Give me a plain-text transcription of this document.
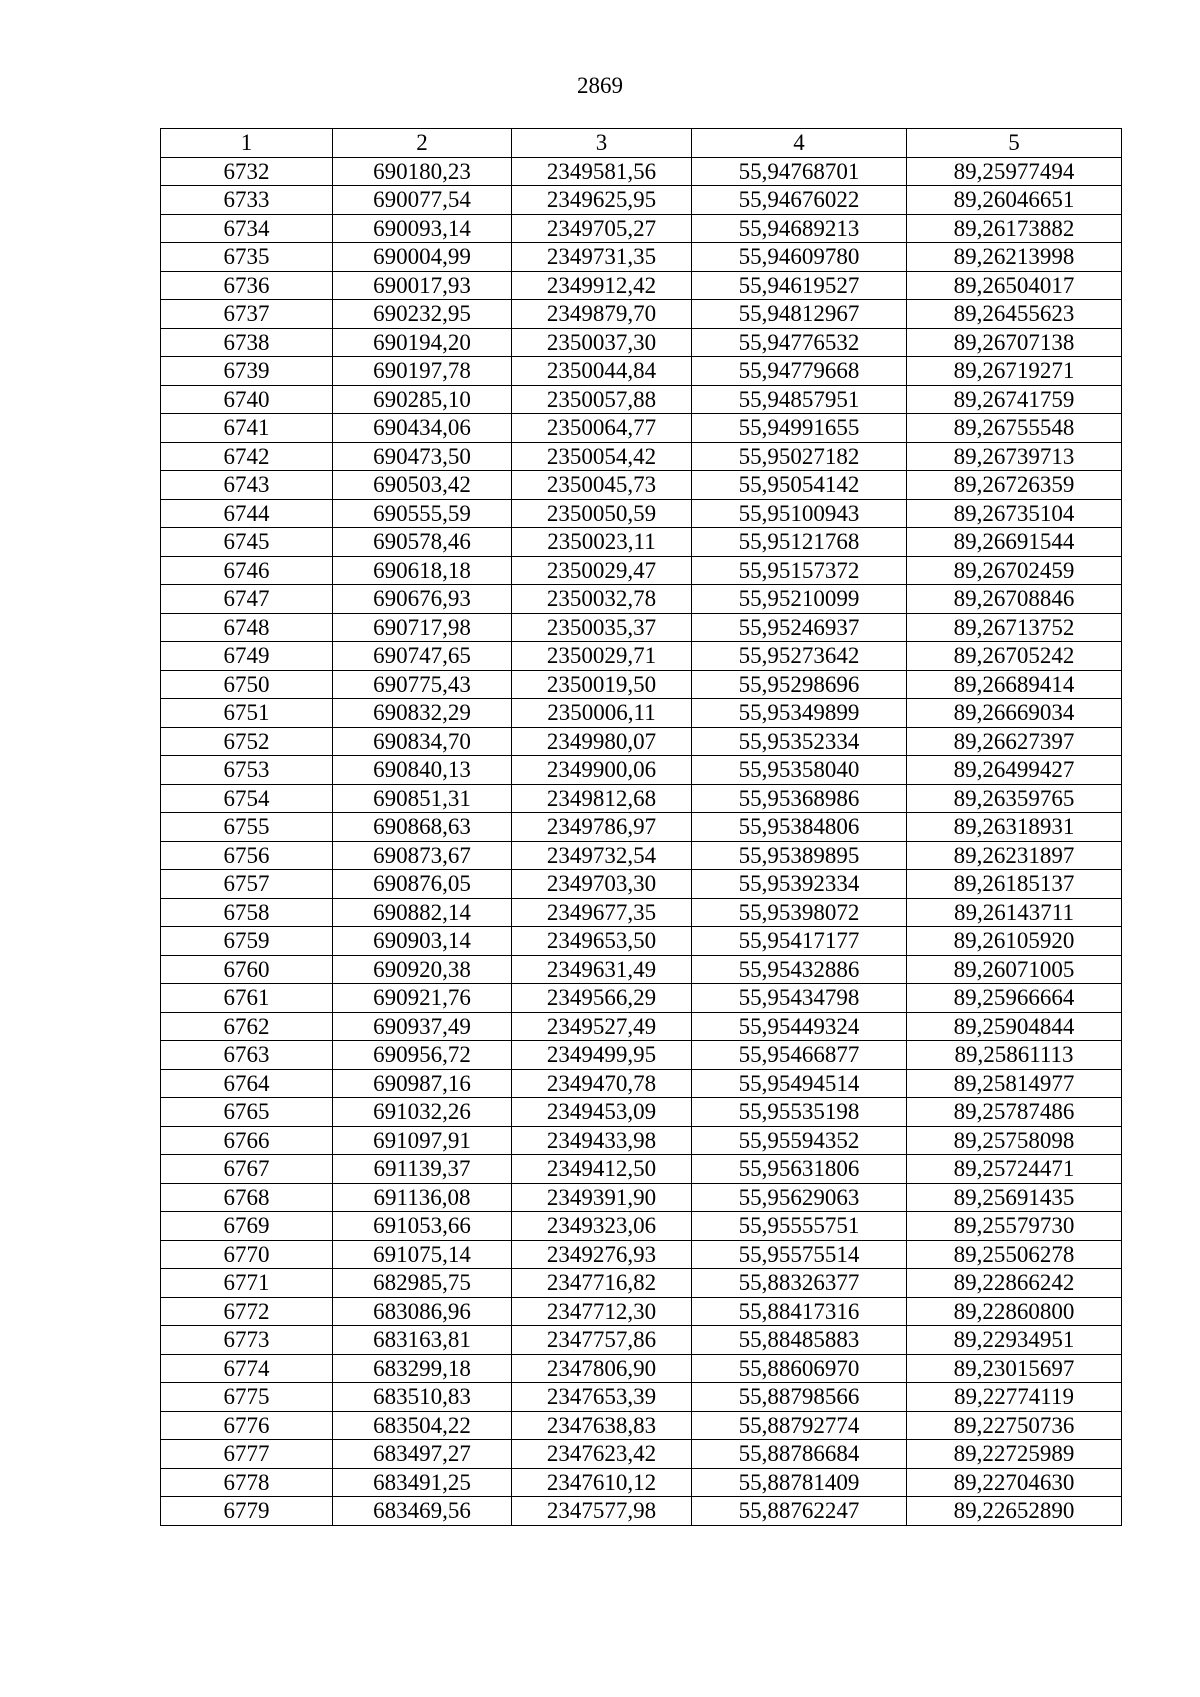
2869
1	2	3	4	5
6732	690180,23	2349581,56	55,94768701	89,25977494
6733	690077,54	2349625,95	55,94676022	89,26046651
6734	690093,14	2349705,27	55,94689213	89,26173882
6735	690004,99	2349731,35	55,94609780	89,26213998
6736	690017,93	2349912,42	55,94619527	89,26504017
6737	690232,95	2349879,70	55,94812967	89,26455623
6738	690194,20	2350037,30	55,94776532	89,26707138
6739	690197,78	2350044,84	55,94779668	89,26719271
6740	690285,10	2350057,88	55,94857951	89,26741759
6741	690434,06	2350064,77	55,94991655	89,26755548
6742	690473,50	2350054,42	55,95027182	89,26739713
6743	690503,42	2350045,73	55,95054142	89,26726359
6744	690555,59	2350050,59	55,95100943	89,26735104
6745	690578,46	2350023,11	55,95121768	89,26691544
6746	690618,18	2350029,47	55,95157372	89,26702459
6747	690676,93	2350032,78	55,95210099	89,26708846
6748	690717,98	2350035,37	55,95246937	89,26713752
6749	690747,65	2350029,71	55,95273642	89,26705242
6750	690775,43	2350019,50	55,95298696	89,26689414
6751	690832,29	2350006,11	55,95349899	89,26669034
6752	690834,70	2349980,07	55,95352334	89,26627397
6753	690840,13	2349900,06	55,95358040	89,26499427
6754	690851,31	2349812,68	55,95368986	89,26359765
6755	690868,63	2349786,97	55,95384806	89,26318931
6756	690873,67	2349732,54	55,95389895	89,26231897
6757	690876,05	2349703,30	55,95392334	89,26185137
6758	690882,14	2349677,35	55,95398072	89,26143711
6759	690903,14	2349653,50	55,95417177	89,26105920
6760	690920,38	2349631,49	55,95432886	89,26071005
6761	690921,76	2349566,29	55,95434798	89,25966664
6762	690937,49	2349527,49	55,95449324	89,25904844
6763	690956,72	2349499,95	55,95466877	89,25861113
6764	690987,16	2349470,78	55,95494514	89,25814977
6765	691032,26	2349453,09	55,95535198	89,25787486
6766	691097,91	2349433,98	55,95594352	89,25758098
6767	691139,37	2349412,50	55,95631806	89,25724471
6768	691136,08	2349391,90	55,95629063	89,25691435
6769	691053,66	2349323,06	55,95555751	89,25579730
6770	691075,14	2349276,93	55,95575514	89,25506278
6771	682985,75	2347716,82	55,88326377	89,22866242
6772	683086,96	2347712,30	55,88417316	89,22860800
6773	683163,81	2347757,86	55,88485883	89,22934951
6774	683299,18	2347806,90	55,88606970	89,23015697
6775	683510,83	2347653,39	55,88798566	89,22774119
6776	683504,22	2347638,83	55,88792774	89,22750736
6777	683497,27	2347623,42	55,88786684	89,22725989
6778	683491,25	2347610,12	55,88781409	89,22704630
6779	683469,56	2347577,98	55,88762247	89,22652890
